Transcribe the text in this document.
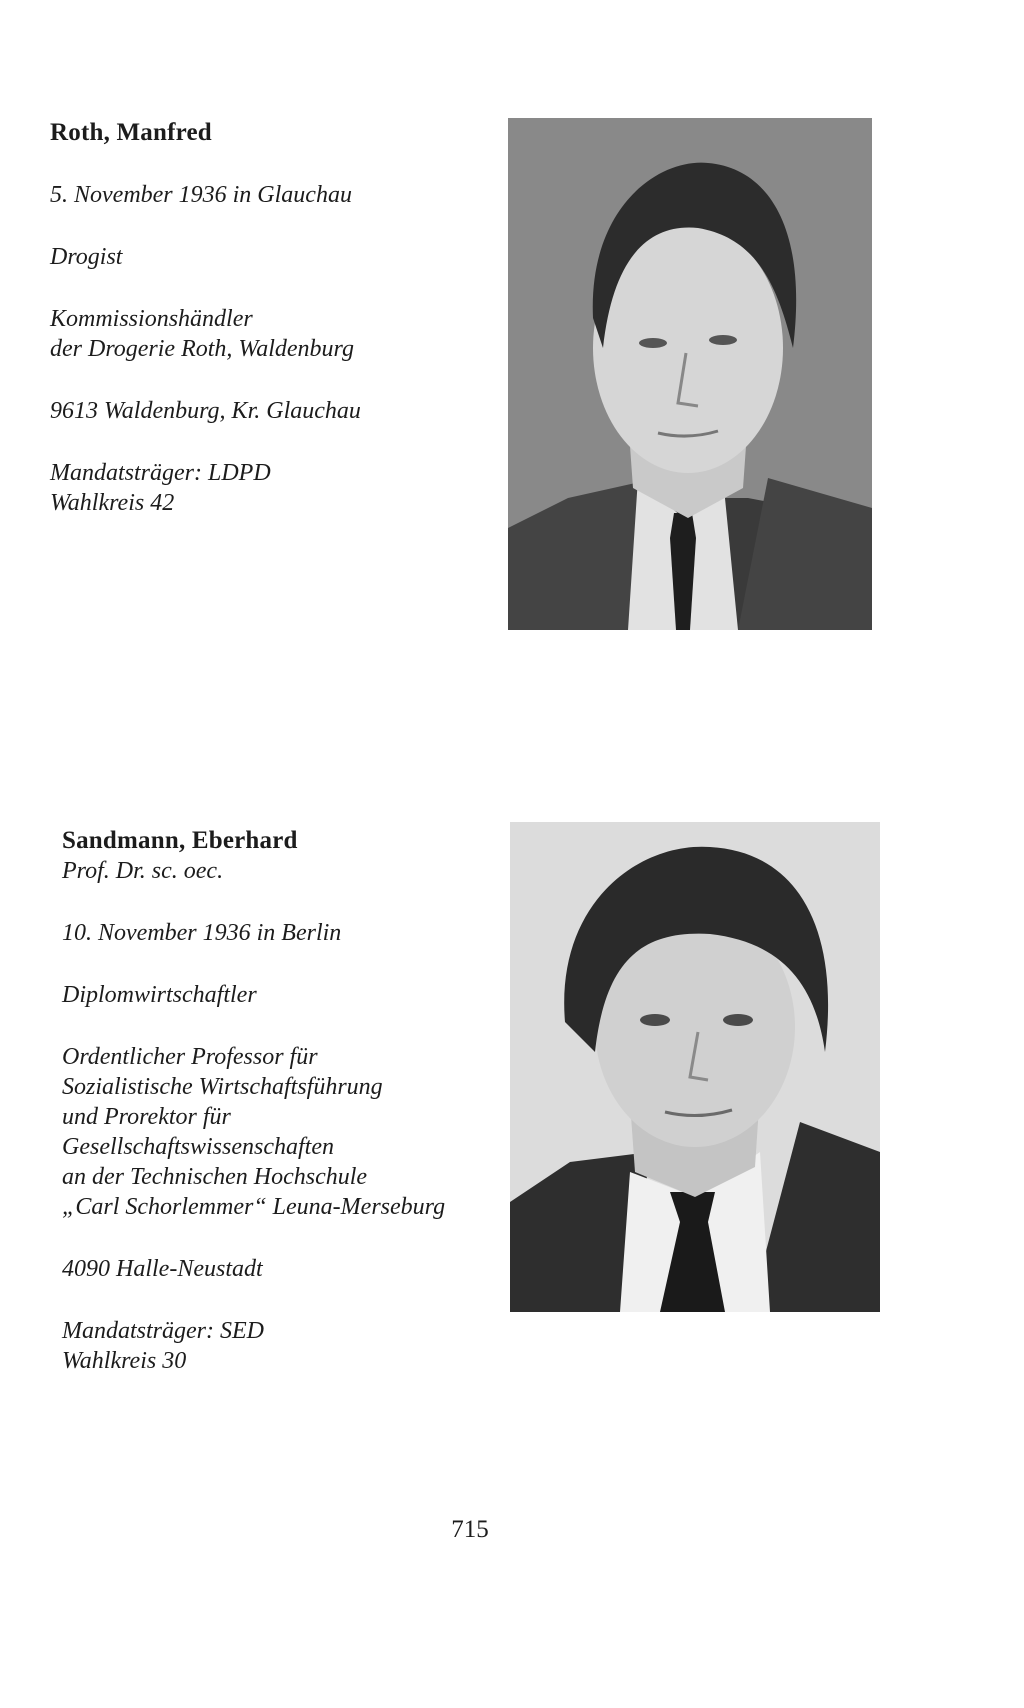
Roth, Manfred

5. November 1936 in Glauchau

Drogist

Kommissionshändler

der Drogerie Roth, Waldenburg

9613 Waldenburg, Kr. Glauchau

Mandatsträger: LDPD

Wahlkreis 42

Sandmann, Eberhard

Prof. Dr. sc. oec.

10. November 1936 in Berlin

Diplomwirtschaftler

Ordentlicher Professor für

Sozialistische Wirtschaftsführung

und Prorektor für

Gesellschaftswissenschaften

an der Technischen Hochschule

„Carl Schorlemmer“ Leuna-Merseburg

4090 Halle-Neustadt

Mandatsträger: SED

Wahlkreis 30

715
